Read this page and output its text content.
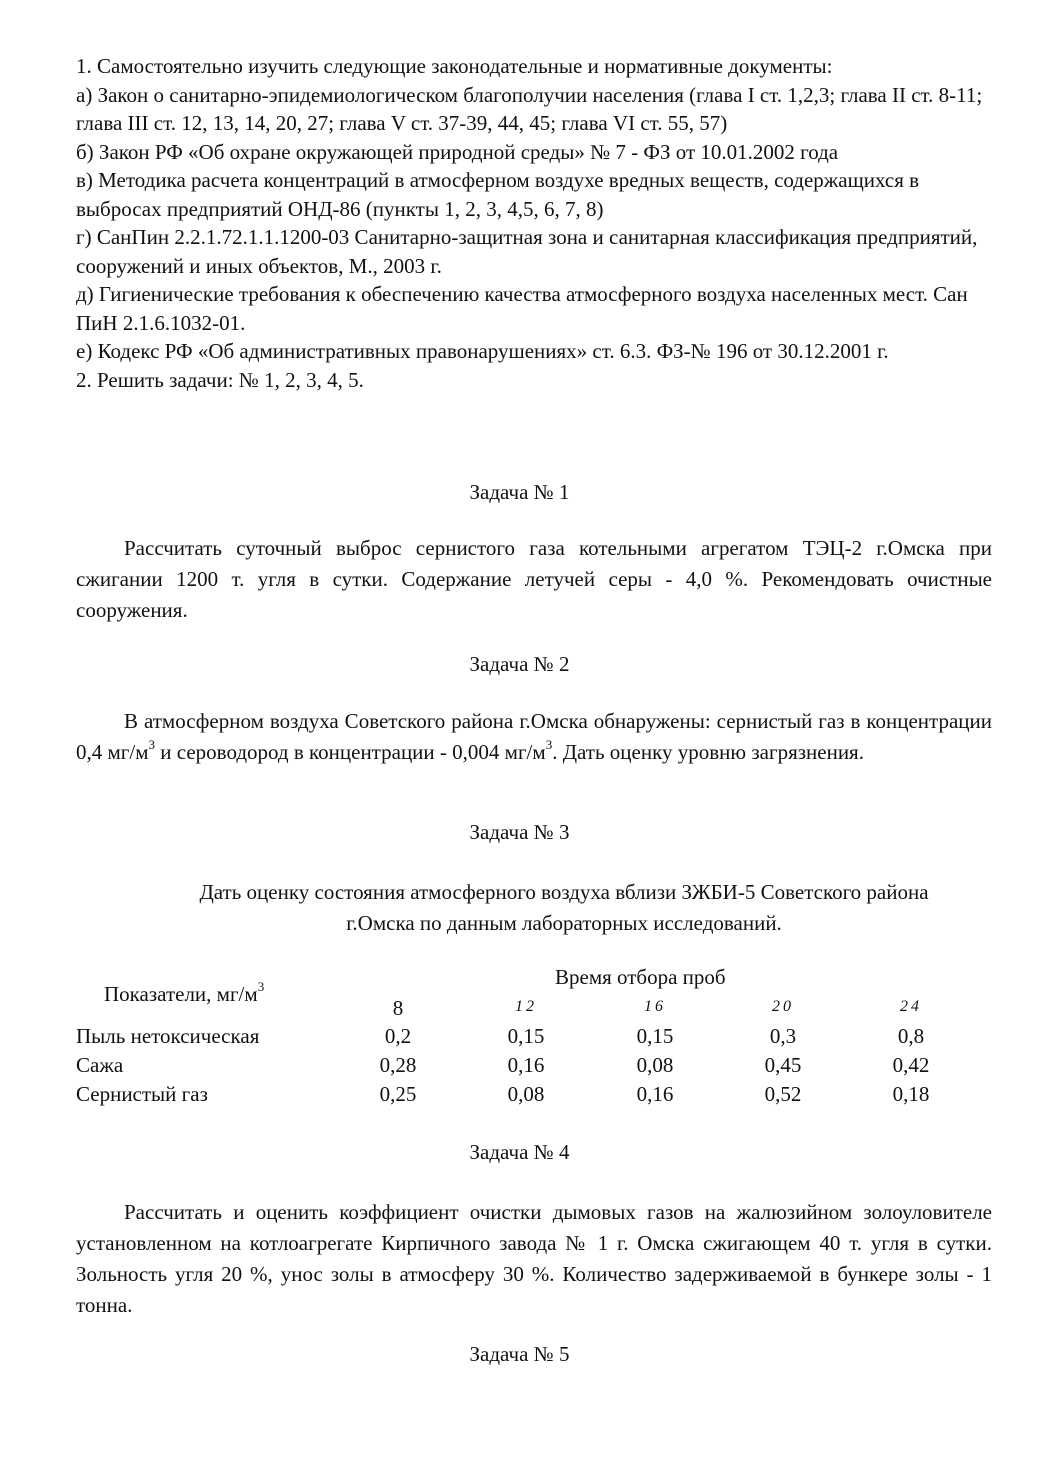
1. Самостоятельно изучить следующие законодательные и нормативные документы:

а) Закон о санитарно-эпидемиологическом благополучии населения (глава I ст. 1,2,3; глава II ст. 8-11; глава III ст. 12, 13, 14, 20, 27; глава V ст. 37-39, 44, 45; глава VI ст. 55, 57)

б) Закон РФ «Об охране окружающей природной среды» № 7 - ФЗ от 10.01.2002 года

в) Методика расчета концентраций в атмосферном воздухе вредных веществ, содержащихся в выбросах предприятий ОНД-86 (пункты 1, 2, 3, 4,5, 6, 7, 8)

г) СанПин 2.2.1.72.1.1.1200-03 Санитарно-защитная зона и санитарная классификация предприятий, сооружений и иных объектов, М., 2003 г.

д) Гигиенические требования к обеспечению качества атмосферного воздуха населенных мест. Сан ПиН 2.1.6.1032-01.

е) Кодекс РФ «Об административных правонарушениях» ст. 6.3. ФЗ-№ 196 от 30.12.2001 г.

2. Решить задачи: № 1, 2, 3, 4, 5.

Задача № 1

Рассчитать суточный выброс сернистого газа котельными агрегатом ТЭЦ-2 г.Омска при сжигании 1200 т. угля в сутки. Содержание летучей серы - 4,0 %. Рекомендовать очистные сооружения.

Задача № 2

В атмосферном воздуха Советского района г.Омска обнаружены: сернистый газ в концентрации 0,4 $мг/м^3$ и сероводород в концентрации - 0,004 $мг/м^3$. Дать оценку уровню загрязнения.

Задача № 3

Дать оценку состояния атмосферного воздуха вблизи ЗЖБИ-5 Советского района

г.Омска по данным лабораторных исследований.

Показатели, $мг/м^3$	Время отбора проб
8	12	16	20	24
Пыль нетоксическая	0,2	0,15	0,15	0,3	0,8
Сажа	0,28	0,16	0,08	0,45	0,42
Сернистый газ	0,25	0,08	0,16	0,52	0,18
Задача № 4

Рассчитать и оценить коэффициент очистки дымовых газов на жалюзийном золоуловителе установленном на котлоагрегате Кирпичного завода № 1 г. Омска сжигающем 40 т. угля в сутки. Зольность угля 20 %, унос золы в атмосферу 30 %. Количество задерживаемой в бункере золы - 1 тонна.

Задача № 5
